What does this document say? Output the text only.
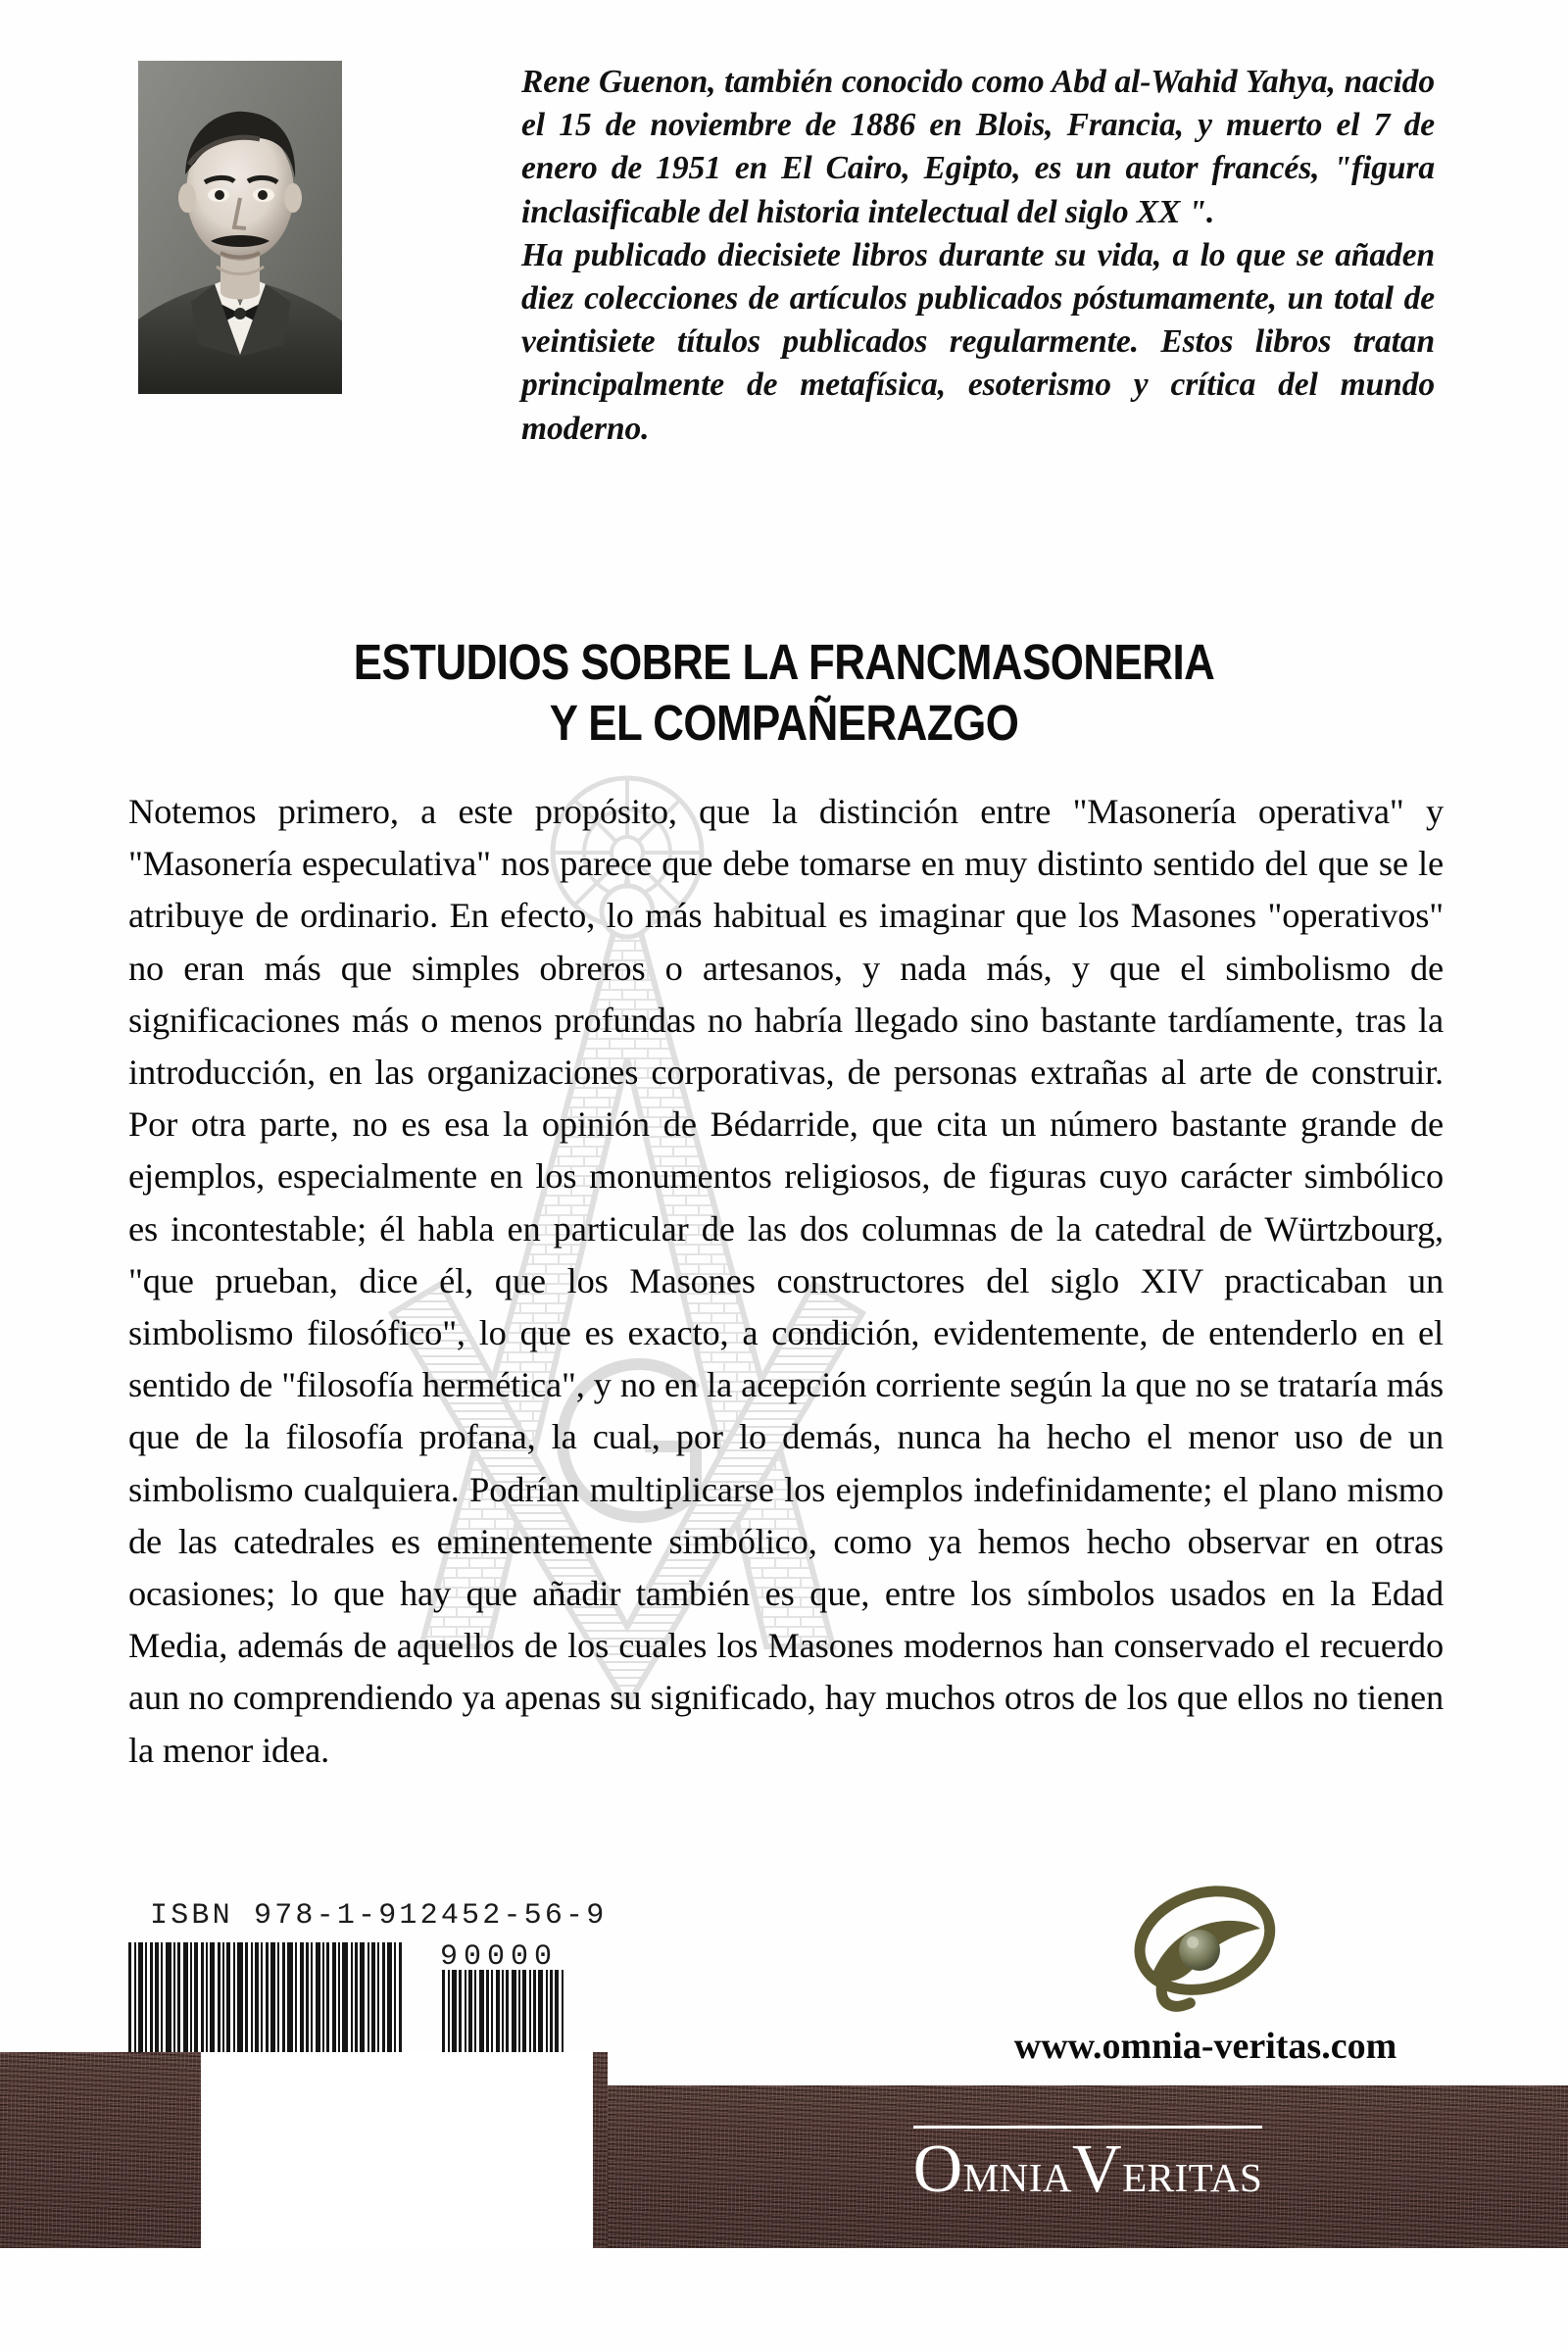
Rene Guenon, también conocido como Abd al-Wahid Yahya, nacido el 15 de noviembre de 1886 en Blois, Francia, y muerto el 7 de enero de 1951 en El Cairo, Egipto, es un autor francés, "figura inclasificable del historia intelectual del siglo XX ".

Ha publicado diecisiete libros durante su vida, a lo que se añaden diez colecciones de artículos publicados póstumamente, un total de veintisiete títulos publicados regularmente. Estos libros tratan principalmente de metafísica, esoterismo y crítica del mundo moderno.

ESTUDIOS SOBRE LA FRANCMASONERIA
Y EL COMPAÑERAZGO

Notemos primero, a este propósito, que la distinción entre "Masonería operativa" y "Masonería especulativa" nos parece que debe tomarse en muy distinto sentido del que se le atribuye de ordinario. En efecto, lo más habitual es imaginar que los Masones "operativos" no eran más que simples obreros o artesanos, y nada más, y que el simbolismo de significaciones más o menos profundas no habría llegado sino bastante tardíamente, tras la introducción, en las organizaciones corporativas, de personas extrañas al arte de construir. Por otra parte, no es esa la opinión de Bédarride, que cita un número bastante grande de ejemplos, especialmente en los monumentos religiosos, de figuras cuyo carácter simbólico es incontestable; él habla en particular de las dos columnas de la catedral de Würtzbourg, "que prueban, dice él, que los Masones constructores del siglo XIV practicaban un simbolismo filosófico", lo que es exacto, a condición, evidentemente, de entenderlo en el sentido de "filosofía hermética", y no en la acepción corriente según la que no se trataría más que de la filosofía profana, la cual, por lo demás, nunca ha hecho el menor uso de un simbolismo cualquiera. Podrían multiplicarse los ejemplos indefinidamente; el plano mismo de las catedrales es eminentemente simbólico, como ya hemos hecho observar en otras ocasiones; lo que hay que añadir también es que, entre los símbolos usados en la Edad Media, además de aquellos de los cuales los Masones modernos han conservado el recuerdo aun no comprendiendo ya apenas su significado, hay muchos otros de los que ellos no tienen la menor idea.

ISBN 978-1-912452-56-9
90000
www.omnia-veritas.com
OmniaVeritas
